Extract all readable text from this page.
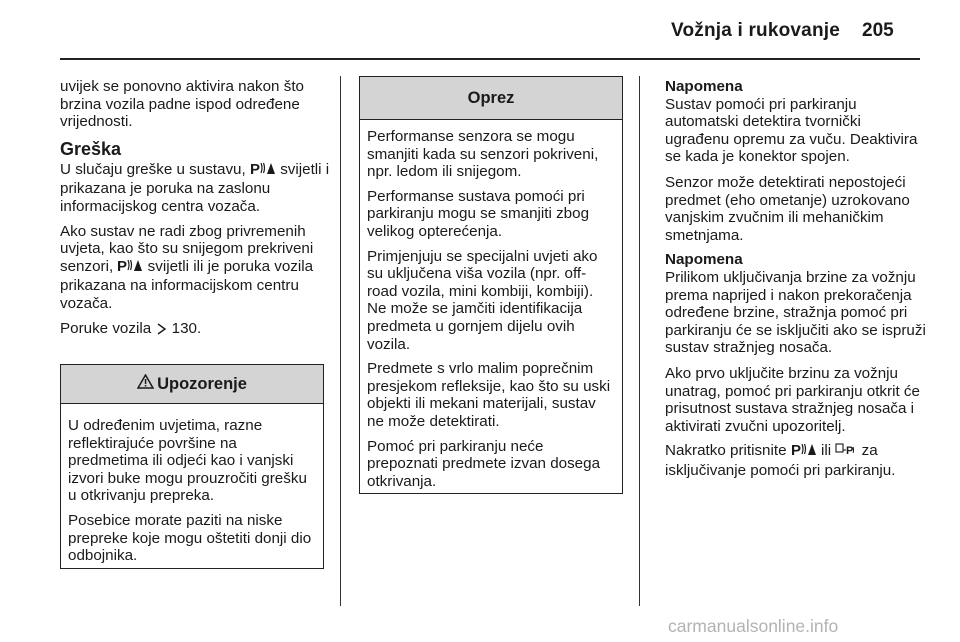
Vožnja i rukovanje 205

uvijek se ponovno aktivira nakon što brzina vozila padne ispod određene vrijednosti.

Greška

U slučaju greške u sustavu, P svijetli i prikazana je poruka na zaslonu informacijskog centra vozača.

Ako sustav ne radi zbog privremenih uvjeta, kao što su snijegom prekriveni senzori, P svijetli ili je poruka vozila prikazana na informacijskom centru vozača.

Poruke vozila 130.

Upozorenje

U određenim uvjetima, razne reflektirajuće površine na predmetima ili odjeći kao i vanjski izvori buke mogu prouzročiti grešku u otkrivanju prepreka.

Posebice morate paziti na niske prepreke koje mogu oštetiti donji dio odbojnika.

Oprez

Performanse senzora se mogu smanjiti kada su senzori pokriveni, npr. ledom ili snijegom.

Performanse sustava pomoći pri parkiranju mogu se smanjiti zbog velikog opterećenja.

Primjenjuju se specijalni uvjeti ako su uključena viša vozila (npr. off-road vozila, mini kombiji, kombiji). Ne može se jamčiti identifikacija predmeta u gornjem dijelu ovih vozila.

Predmete s vrlo malim poprečnim presjekom refleksije, kao što su uski objekti ili mekani materijali, sustav ne može detektirati.

Pomoć pri parkiranju neće prepoznati predmete izvan dosega otkrivanja.

Napomena
Sustav pomoći pri parkiranju automatski detektira tvornički ugrađenu opremu za vuču. Deaktivira se kada je konektor spojen.

Senzor može detektirati nepostojeći predmet (eho ometanje) uzrokovano vanjskim zvučnim ili mehaničkim smetnjama.

Napomena
Prilikom uključivanja brzine za vožnju prema naprijed i nakon prekoračenja određene brzine, stražnja pomoć pri parkiranju će se isključiti ako se ispruži sustav stražnjeg nosača.

Ako prvo uključite brzinu za vožnju unatrag, pomoć pri parkiranju otkrit će prisutnost sustava stražnjeg nosača i aktivirati zvučni upozoritelj.

Nakratko pritisnite P ili P za isključivanje pomoći pri parkiranju.

carmanualsonline.info
